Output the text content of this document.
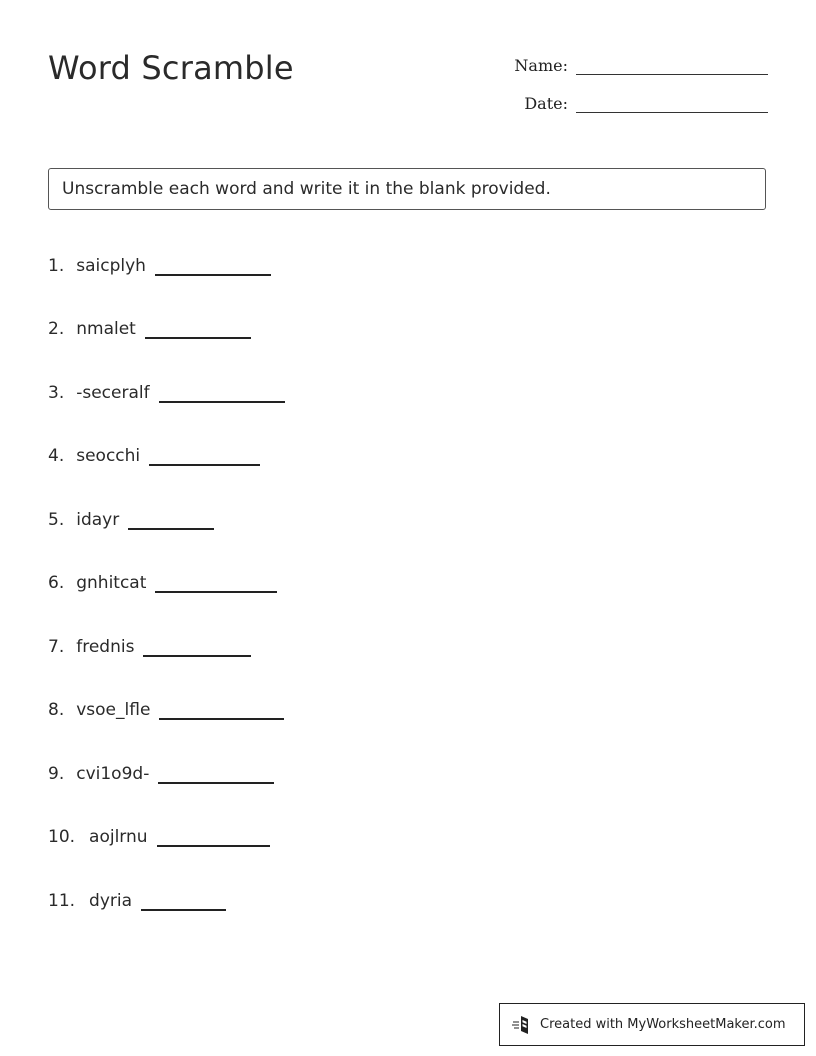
Word Scramble	Name:
Date:
Unscramble each word and write it in the blank provided.
1. saicplyh
2. nmalet
3. -seceralf
4. seocchi
5. idayr
6. gnhitcat
7. frednis
8. vsoe_lfle
9. cvi1o9d-
10. aojlrnu
11. dyria
Created with MyWorksheetMaker.com
